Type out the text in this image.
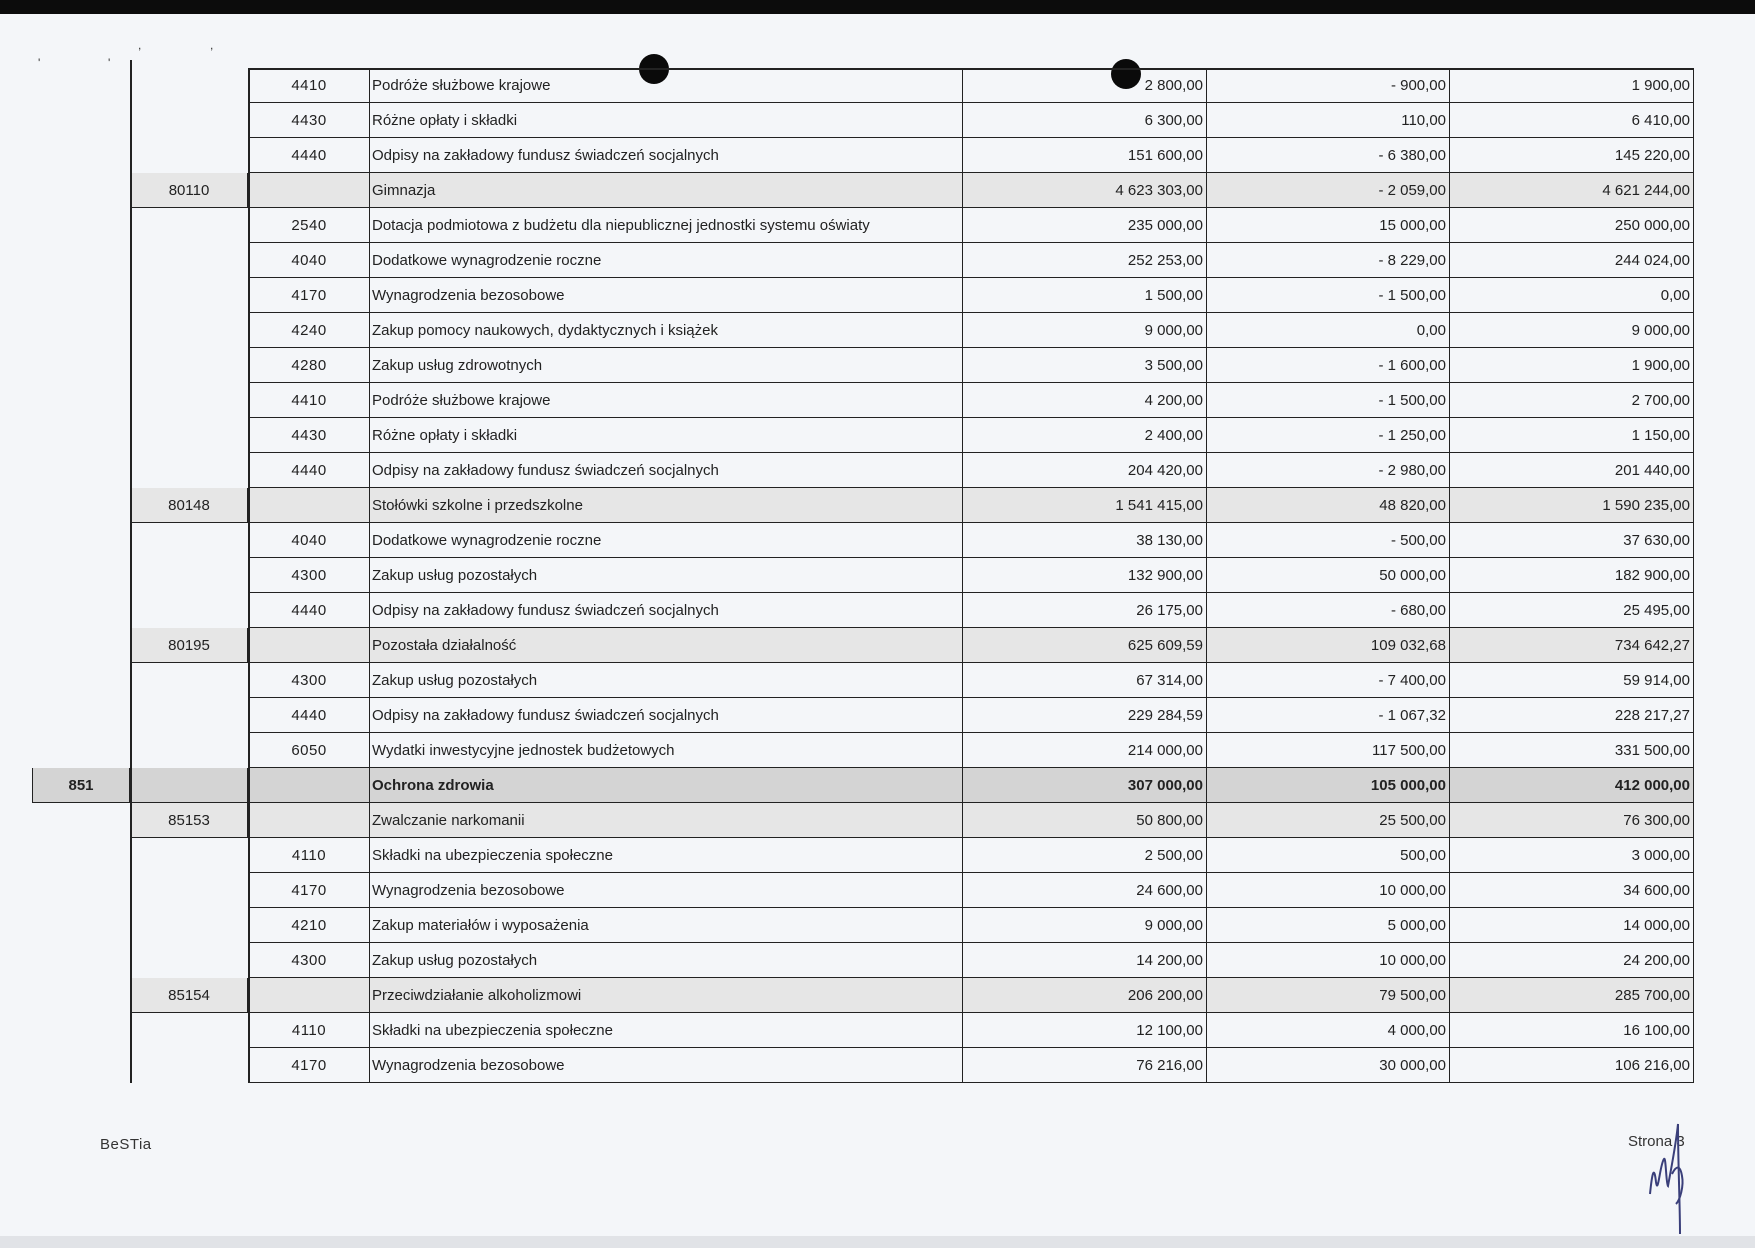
'	'
,	,
4410	Podróże służbowe krajowe	2 800,00	- 900,00	1 900,00
4430	Różne opłaty i składki	6 300,00	110,00	6 410,00
4440	Odpisy na zakładowy fundusz świadczeń socjalnych	151 600,00	- 6 380,00	145 220,00
80110	Gimnazja	4 623 303,00	- 2 059,00	4 621 244,00
2540	Dotacja podmiotowa z budżetu dla niepublicznej jednostki systemu oświaty	235 000,00	15 000,00	250 000,00
4040	Dodatkowe wynagrodzenie roczne	252 253,00	- 8 229,00	244 024,00
4170	Wynagrodzenia bezosobowe	1 500,00	- 1 500,00	0,00
4240	Zakup pomocy naukowych, dydaktycznych i książek	9 000,00	0,00	9 000,00
4280	Zakup usług zdrowotnych	3 500,00	- 1 600,00	1 900,00
4410	Podróże służbowe krajowe	4 200,00	- 1 500,00	2 700,00
4430	Różne opłaty i składki	2 400,00	- 1 250,00	1 150,00
4440	Odpisy na zakładowy fundusz świadczeń socjalnych	204 420,00	- 2 980,00	201 440,00
80148	Stołówki szkolne i przedszkolne	1 541 415,00	48 820,00	1 590 235,00
4040	Dodatkowe wynagrodzenie roczne	38 130,00	- 500,00	37 630,00
4300	Zakup usług pozostałych	132 900,00	50 000,00	182 900,00
4440	Odpisy na zakładowy fundusz świadczeń socjalnych	26 175,00	- 680,00	25 495,00
80195	Pozostała działalność	625 609,59	109 032,68	734 642,27
4300	Zakup usług pozostałych	67 314,00	- 7 400,00	59 914,00
4440	Odpisy na zakładowy fundusz świadczeń socjalnych	229 284,59	- 1 067,32	228 217,27
6050	Wydatki inwestycyjne jednostek budżetowych	214 000,00	117 500,00	331 500,00
851	Ochrona zdrowia	307 000,00	105 000,00	412 000,00
85153	Zwalczanie narkomanii	50 800,00	25 500,00	76 300,00
4110	Składki na ubezpieczenia społeczne	2 500,00	500,00	3 000,00
4170	Wynagrodzenia bezosobowe	24 600,00	10 000,00	34 600,00
4210	Zakup materiałów i wyposażenia	9 000,00	5 000,00	14 000,00
4300	Zakup usług pozostałych	14 200,00	10 000,00	24 200,00
85154	Przeciwdziałanie alkoholizmowi	206 200,00	79 500,00	285 700,00
4110	Składki na ubezpieczenia społeczne	12 100,00	4 000,00	16 100,00
4170	Wynagrodzenia bezosobowe	76 216,00	30 000,00	106 216,00
BeSTia	Strona 3
